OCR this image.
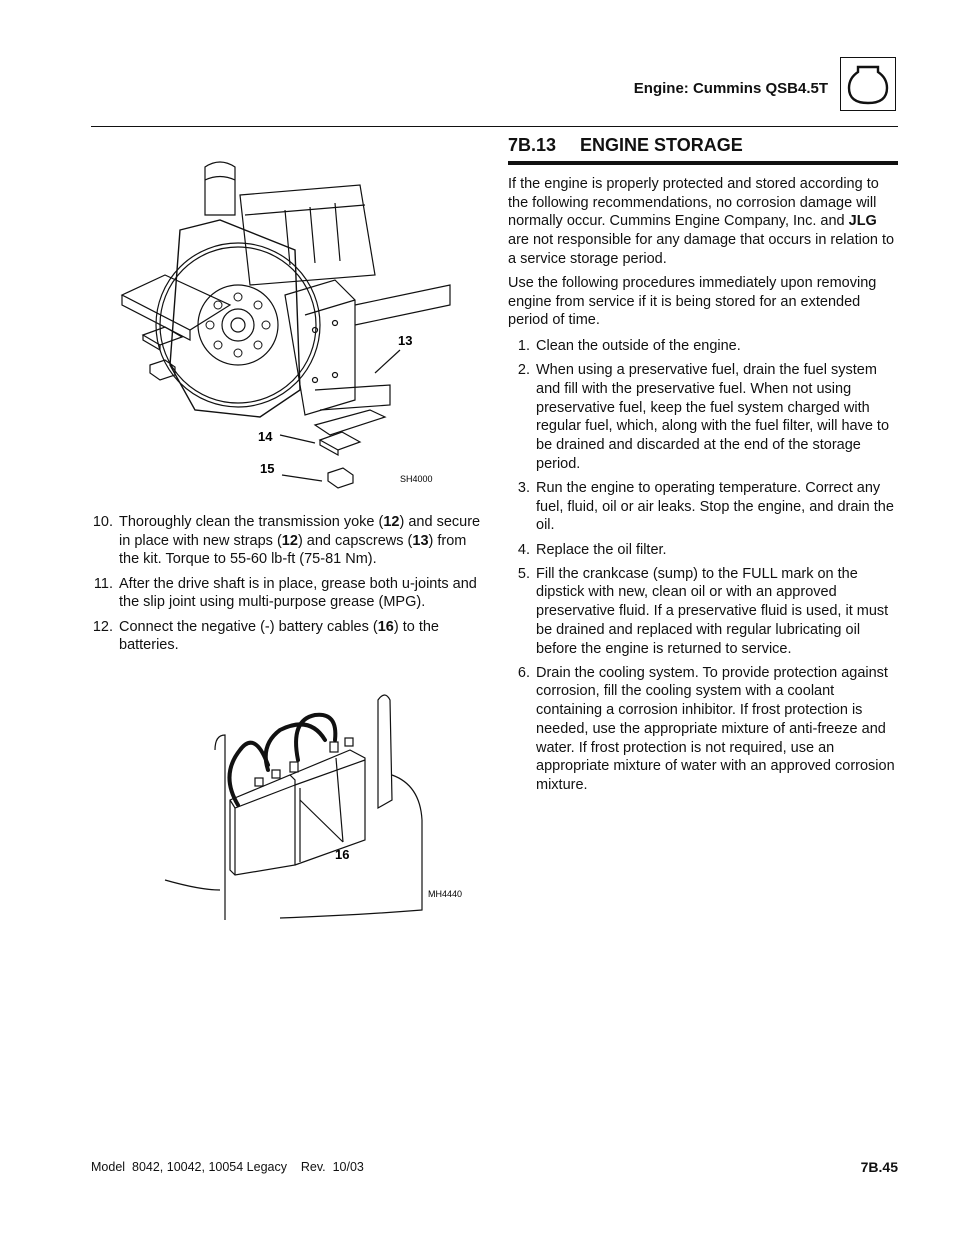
Engine: Cummins QSB4.5T
13
14
15
SH4000
10. Thoroughly clean the transmission yoke (12) and secure in place with new straps (12) and capscrews (13) from the kit. Torque to 55-60 lb-ft (75-81 Nm).
11. After the drive shaft is in place, grease both u-joints and the slip joint using multi-purpose grease (MPG).
12. Connect the negative (-) battery cables (16) to the batteries.
16
MH4440
7B.13 ENGINE STORAGE

If the engine is properly protected and stored according to the following recommendations, no corrosion damage will normally occur. Cummins Engine Company, Inc. and JLG are not responsible for any damage that occurs in relation to a service storage period.

Use the following procedures immediately upon removing engine from service if it is being stored for an extended period of time.

1. Clean the outside of the engine.
2. When using a preservative fuel, drain the fuel system and fill with the preservative fuel. When not using preservative fuel, keep the fuel system charged with regular fuel, which, along with the fuel filter, will have to be drained and discarded at the end of the storage period.
3. Run the engine to operating temperature. Correct any fuel, fluid, oil or air leaks. Stop the engine, and drain the oil.
4. Replace the oil filter.
5. Fill the crankcase (sump) to the FULL mark on the dipstick with new, clean oil or with an approved preservative fluid. If a preservative fluid is used, it must be drained and replaced with regular lubricating oil before the engine is returned to service.
6. Drain the cooling system. To provide protection against corrosion, fill the cooling system with a coolant containing a corrosion inhibitor. If frost protection is needed, use the appropriate mixture of anti-freeze and water. If frost protection is not required, use an appropriate mixture of water with an approved corrosion mixture.
Model  8042, 10042, 10054 Legacy    Rev.  10/03	7B.45
